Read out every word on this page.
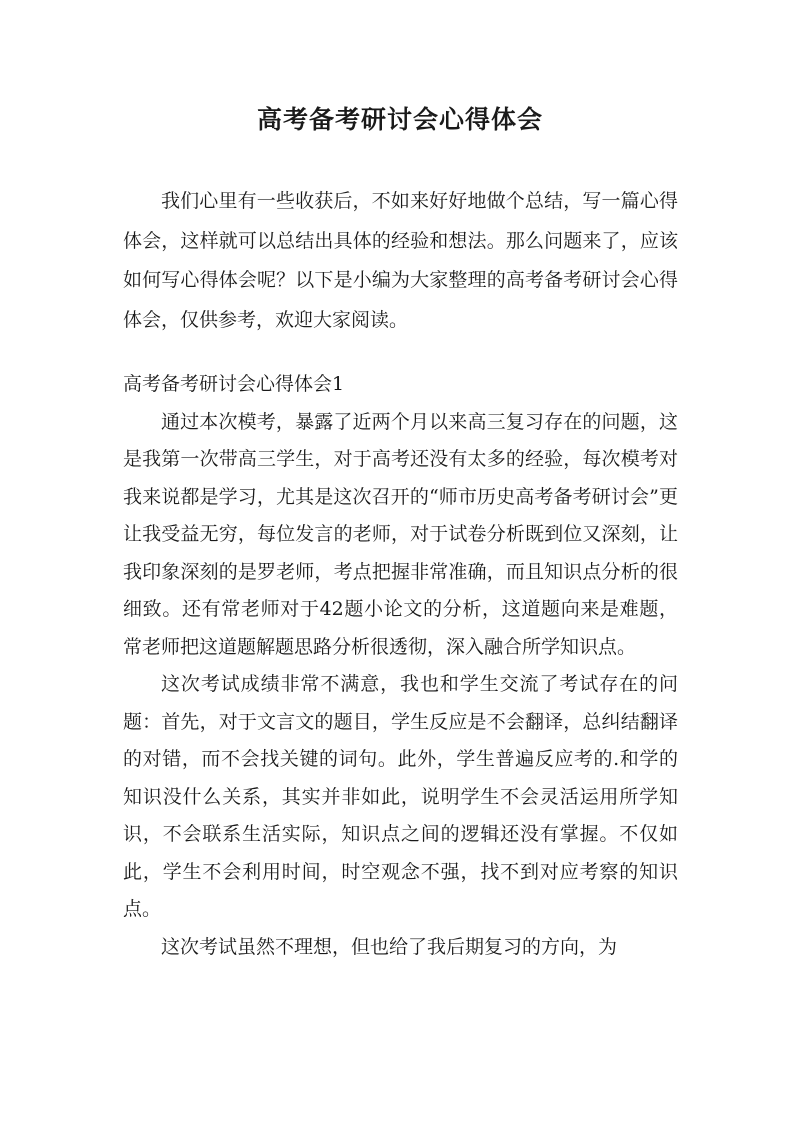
高考备考研讨会心得体会

我们心里有一些收获后，不如来好好地做个总结，写一篇心得体会，这样就可以总结出具体的经验和想法。那么问题来了，应该如何写心得体会呢？以下是小编为大家整理的高考备考研讨会心得体会，仅供参考，欢迎大家阅读。

高考备考研讨会心得体会1

通过本次模考，暴露了近两个月以来高三复习存在的问题，这是我第一次带高三学生，对于高考还没有太多的经验，每次模考对我来说都是学习，尤其是这次召开的“师市历史高考备考研讨会”更让我受益无穷，每位发言的老师，对于试卷分析既到位又深刻，让我印象深刻的是罗老师，考点把握非常准确，而且知识点分析的很细致。还有常老师对于42题小论文的分析，这道题向来是难题，常老师把这道题解题思路分析很透彻，深入融合所学知识点。

这次考试成绩非常不满意，我也和学生交流了考试存在的问题：首先，对于文言文的题目，学生反应是不会翻译，总纠结翻译的对错，而不会找关键的词句。此外，学生普遍反应考的.和学的知识没什么关系，其实并非如此，说明学生不会灵活运用所学知识，不会联系生活实际，知识点之间的逻辑还没有掌握。不仅如此，学生不会利用时间，时空观念不强，找不到对应考察的知识点。

这次考试虽然不理想，但也给了我后期复习的方向，为
